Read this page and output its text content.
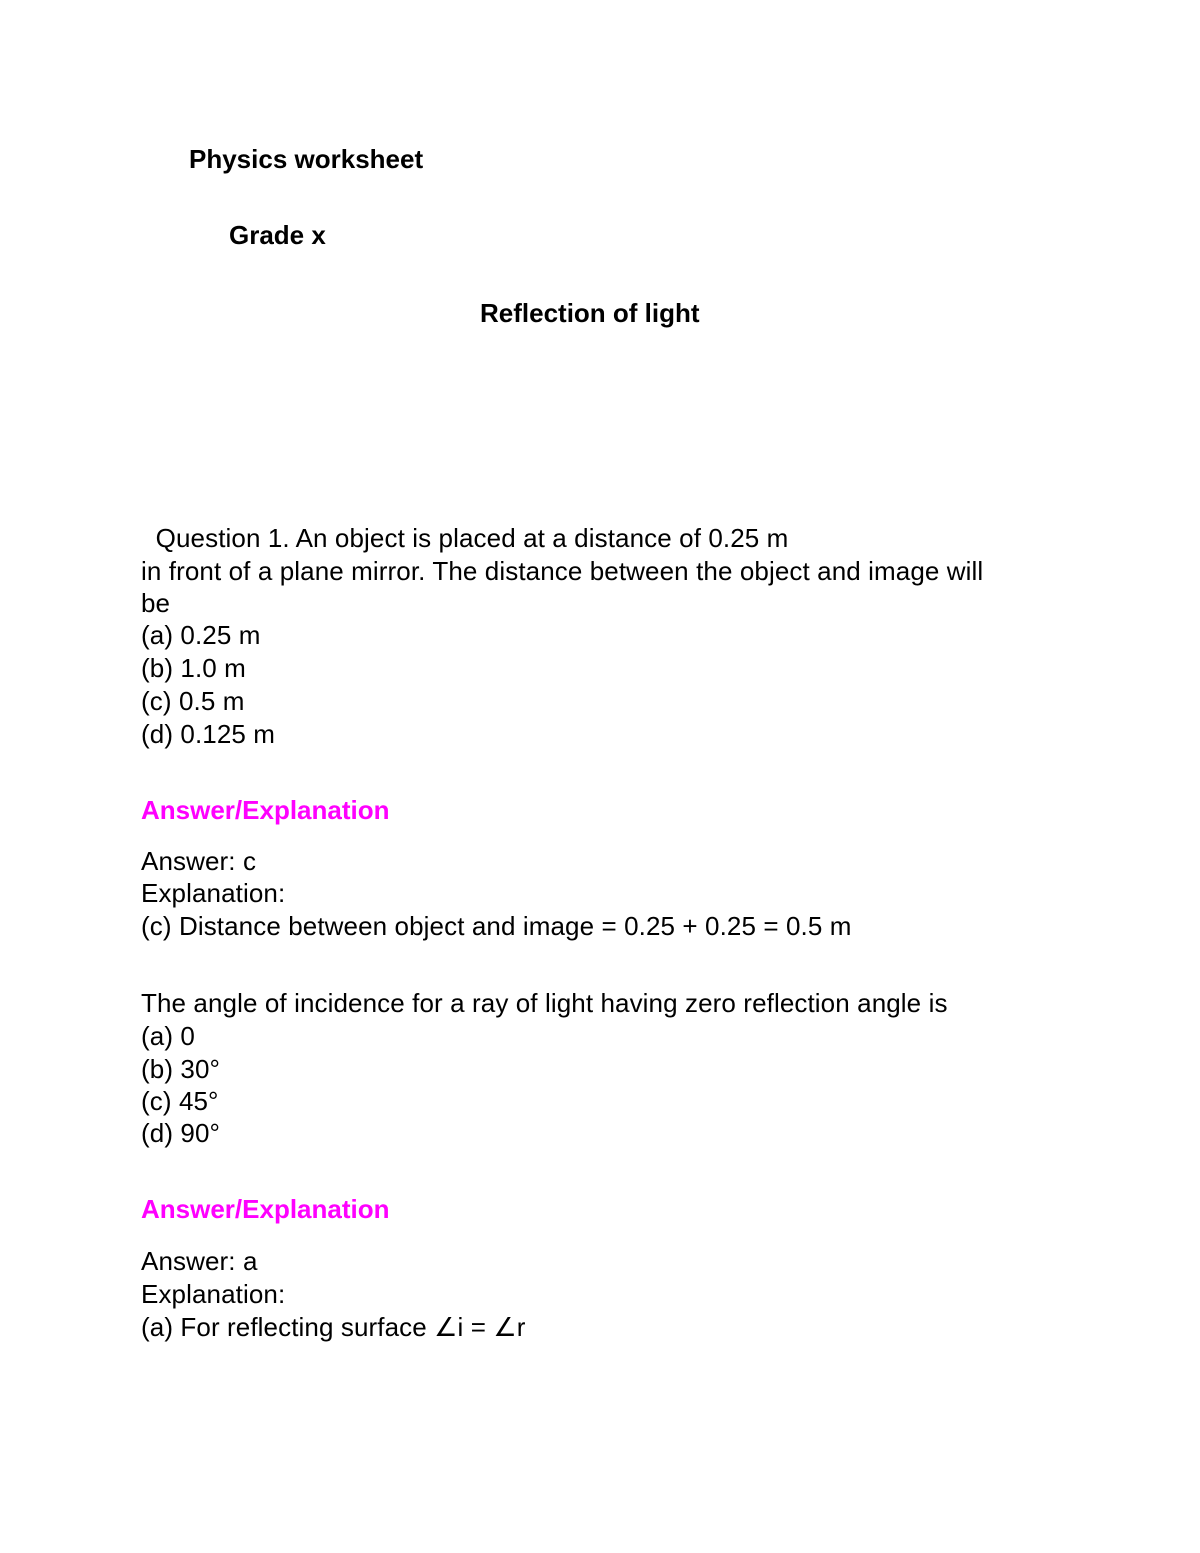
Physics worksheet
Grade x
Reflection of light
Question 1. An object is placed at a distance of 0.25 m
in front of a plane mirror. The distance between the object and image will
be
(a) 0.25 m
(b) 1.0 m
(c) 0.5 m
(d) 0.125 m
Answer/Explanation
Answer: c
Explanation:
(c) Distance between object and image = 0.25 + 0.25 = 0.5 m
The angle of incidence for a ray of light having zero reflection angle is
(a) 0
(b) 30°
(c) 45°
(d) 90°
Answer/Explanation
Answer: a
Explanation:
(a) For reflecting surface ∠i = ∠r
